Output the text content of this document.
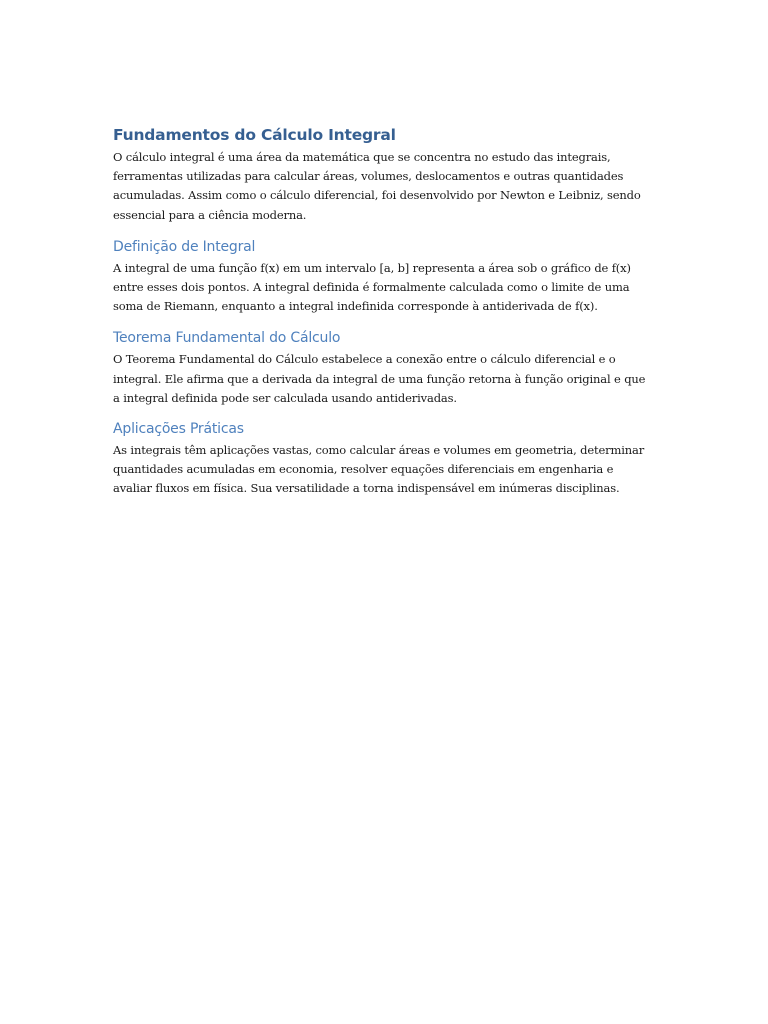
Fundamentos do Cálculo Integral

O cálculo integral é uma área da matemática que se concentra no estudo das integrais,
ferramentas utilizadas para calcular áreas, volumes, deslocamentos e outras quantidades
acumuladas. Assim como o cálculo diferencial, foi desenvolvido por Newton e Leibniz, sendo
essencial para a ciência moderna.

Definição de Integral

A integral de uma função f(x) em um intervalo [a, b] representa a área sob o gráfico de f(x)
entre esses dois pontos. A integral definida é formalmente calculada como o limite de uma
soma de Riemann, enquanto a integral indefinida corresponde à antiderivada de f(x).

Teorema Fundamental do Cálculo

O Teorema Fundamental do Cálculo estabelece a conexão entre o cálculo diferencial e o
integral. Ele afirma que a derivada da integral de uma função retorna à função original e que
a integral definida pode ser calculada usando antiderivadas.

Aplicações Práticas

As integrais têm aplicações vastas, como calcular áreas e volumes em geometria, determinar
quantidades acumuladas em economia, resolver equações diferenciais em engenharia e
avaliar fluxos em física. Sua versatilidade a torna indispensável em inúmeras disciplinas.
